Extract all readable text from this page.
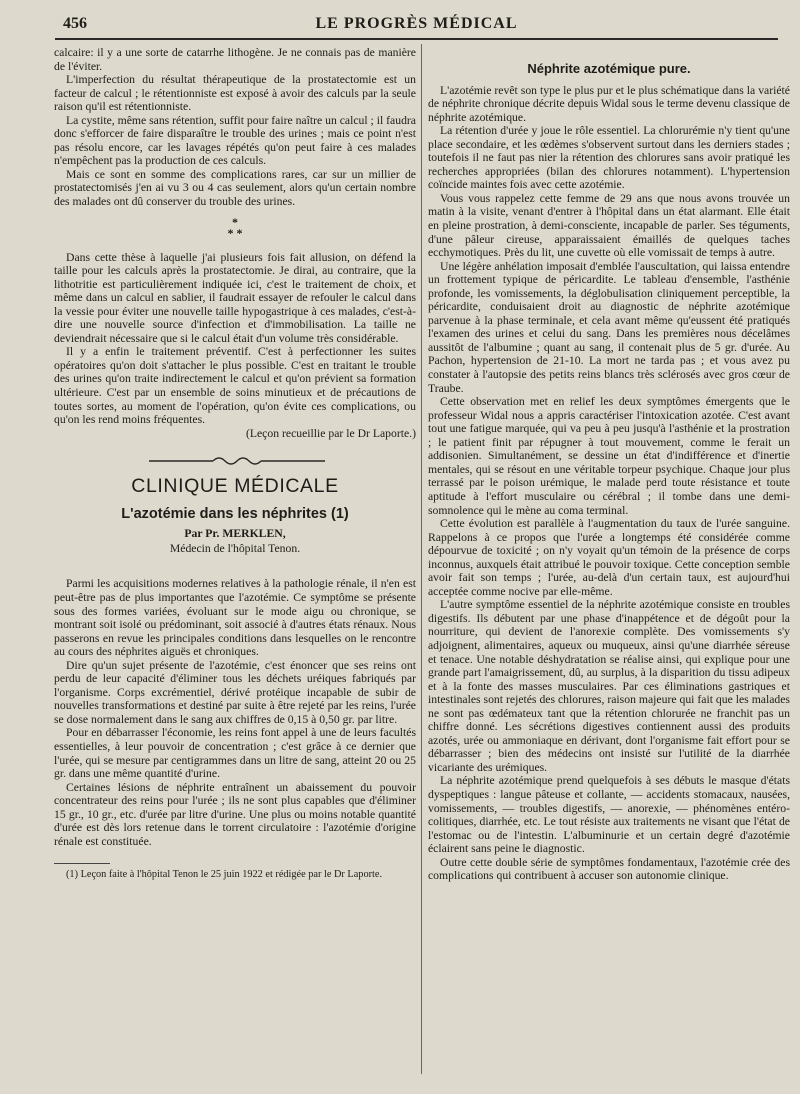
456	LE PROGRÈS MÉDICAL

calcaire: il y a une sorte de catarrhe lithogène. Je ne connais pas de manière de l'éviter.

L'imperfection du résultat thérapeutique de la prostatectomie est un facteur de calcul ; le rétentionniste est exposé à avoir des calculs par la seule raison qu'il est rétentionniste.

La cystite, même sans rétention, suffit pour faire naître un calcul ; il faudra donc s'efforcer de faire disparaître le trouble des urines ; mais ce point n'est pas résolu encore, car les lavages répétés qu'on peut faire à ces malades n'empêchent pas la production de ces calculs.

Mais ce sont en somme des complications rares, car sur un millier de prostatectomisés j'en ai vu 3 ou 4 cas seulement, alors qu'un certain nombre des malades ont dû conserver du trouble des urines.

*
* *

Dans cette thèse à laquelle j'ai plusieurs fois fait allusion, on défend la taille pour les calculs après la prostatectomie. Je dirai, au contraire, que la lithotritie est particulièrement indiquée ici, c'est le traitement de choix, et même dans un calcul en sablier, il faudrait essayer de refouler le calcul dans la vessie pour éviter une nouvelle taille hypogastrique à ces malades, c'est-à-dire une nouvelle source d'infection et d'immobilisation. La taille ne deviendrait nécessaire que si le calcul était d'un volume très considérable.

Il y a enfin le traitement préventif. C'est à perfectionner les suites opératoires qu'on doit s'attacher le plus possible. C'est en traitant le trouble des urines qu'on traite indirectement le calcul et qu'on prévient sa formation ultérieure. C'est par un ensemble de soins minutieux et de précautions de toutes sortes, au moment de l'opération, qu'on évite ces complications, ou qu'on les rend moins fréquentes.

(Leçon recueillie par le Dr Laporte.)

CLINIQUE MÉDICALE
L'azotémie dans les néphrites (1)
Par Pr. MERKLEN,
Médecin de l'hôpital Tenon.

Parmi les acquisitions modernes relatives à la pathologie rénale, il n'en est peut-être pas de plus importantes que l'azotémie. Ce symptôme se présente sous des formes variées, évoluant sur le mode aigu ou chronique, se montrant soit isolé ou prédominant, soit associé à d'autres états rénaux. Nous passerons en revue les principales conditions dans lesquelles on le rencontre au cours des néphrites aiguës et chroniques.

Dire qu'un sujet présente de l'azotémie, c'est énoncer que ses reins ont perdu de leur capacité d'éliminer tous les déchets uréiques fabriqués par l'organisme. Corps excrémentiel, dérivé protéique incapable de subir de nouvelles transformations et destiné par suite à être rejeté par les reins, l'urée se dose normalement dans le sang aux chiffres de 0,15 à 0,50 gr. par litre.

Pour en débarrasser l'économie, les reins font appel à une de leurs facultés essentielles, à leur pouvoir de concentration ; c'est grâce à ce dernier que l'urée, qui se mesure par centigrammes dans un litre de sang, atteint 20 ou 25 gr. dans une même quantité d'urine.

Certaines lésions de néphrite entraînent un abaissement du pouvoir concentrateur des reins pour l'urée ; ils ne sont plus capables que d'éliminer 15 gr., 10 gr., etc. d'urée par litre d'urine. Une plus ou moins notable quantité d'urée est dès lors retenue dans le torrent circulatoire : l'azotémie d'origine rénale est constituée.

(1) Leçon faite à l'hôpital Tenon le 25 juin 1922 et rédigée par le Dr Laporte.

Néphrite azotémique pure.

L'azotémie revêt son type le plus pur et le plus schématique dans la variété de néphrite chronique décrite depuis Widal sous le terme devenu classique de néphrite azotémique.

La rétention d'urée y joue le rôle essentiel. La chlorurémie n'y tient qu'une place secondaire, et les œdèmes s'observent surtout dans les derniers stades ; toutefois il ne faut pas nier la rétention des chlorures sans avoir pratiqué les recherches appropriées (bilan des chlorures notamment). L'hypertension coïncide maintes fois avec cette azotémie.

Vous vous rappelez cette femme de 29 ans que nous avons trouvée un matin à la visite, venant d'entrer à l'hôpital dans un état alarmant. Elle était en pleine prostration, à demi-consciente, incapable de parler. Ses téguments, d'une pâleur cireuse, apparaissaient émaillés de quelques taches ecchymotiques. Près du lit, une cuvette où elle vomissait de temps à autre.

Une légère anhélation imposait d'emblée l'auscultation, qui laissa entendre un frottement typique de péricardite. Le tableau d'ensemble, l'asthénie profonde, les vomissements, la déglobulisation cliniquement perceptible, la péricardite, conduisaient droit au diagnostic de néphrite azotémique parvenue à la phase terminale, et cela avant même qu'eussent été pratiqués l'examen des urines et celui du sang. Dans les premières nous décelâmes aussitôt de l'albumine ; quant au sang, il contenait plus de 5 gr. d'urée. Au Pachon, hypertension de 21-10. La mort ne tarda pas ; et vous avez pu constater à l'autopsie des petits reins blancs très sclérosés avec gros cœur de Traube.

Cette observation met en relief les deux symptômes émergents que le professeur Widal nous a appris caractériser l'intoxication azotée. C'est avant tout une fatigue marquée, qui va peu à peu jusqu'à l'asthénie et la prostration ; le patient finit par répugner à tout mouvement, comme le ferait un addisonien. Simultanément, se dessine un état d'indifférence et d'inertie mentales, qui se résout en une véritable torpeur psychique. Chaque jour plus terrassé par le poison urémique, le malade perd toute résistance et toute aptitude à l'effort musculaire ou cérébral ; il tombe dans une demi-somnolence qui le mène au coma terminal.

Cette évolution est parallèle à l'augmentation du taux de l'urée sanguine. Rappelons à ce propos que l'urée a longtemps été considérée comme dépourvue de toxicité ; on n'y voyait qu'un témoin de la présence de corps inconnus, auxquels était attribué le pouvoir toxique. Cette conception semble avoir fait son temps ; l'urée, au-delà d'un certain taux, est aujourd'hui acceptée comme nocive par elle-même.

L'autre symptôme essentiel de la néphrite azotémique consiste en troubles digestifs. Ils débutent par une phase d'inappétence et de dégoût pour la nourriture, qui devient de l'anorexie complète. Des vomissements s'y adjoignent, alimentaires, aqueux ou muqueux, ainsi qu'une diarrhée séreuse et tenace. Une notable déshydratation se réalise ainsi, qui explique pour une grande part l'amaigrissement, dû, au surplus, à la disparition du tissu adipeux et à la fonte des masses musculaires. Par ces éliminations gastriques et intestinales sont rejetés des chlorures, raison majeure qui fait que les malades ne sont pas œdémateux tant que la rétention chlorurée ne franchit pas un chiffre donné. Les sécrétions digestives contiennent aussi des produits azotés, urée ou ammoniaque en dérivant, dont l'organisme fait effort pour se débarrasser ; bien des médecins ont insisté sur l'utilité de la diarrhée vicariante des urémiques.

La néphrite azotémique prend quelquefois à ses débuts le masque d'états dyspeptiques : langue pâteuse et collante, — accidents stomacaux, nausées, vomissements, — troubles digestifs, — anorexie, — phénomènes entéro-colitiques, diarrhée, etc. Le tout résiste aux traitements ne visant que l'état de l'estomac ou de l'intestin. L'albuminurie et un certain degré d'azotémie éclairent sans peine le diagnostic.

Outre cette double série de symptômes fondamentaux, l'azotémie crée des complications qui contribuent à accuser son autonomie clinique.
